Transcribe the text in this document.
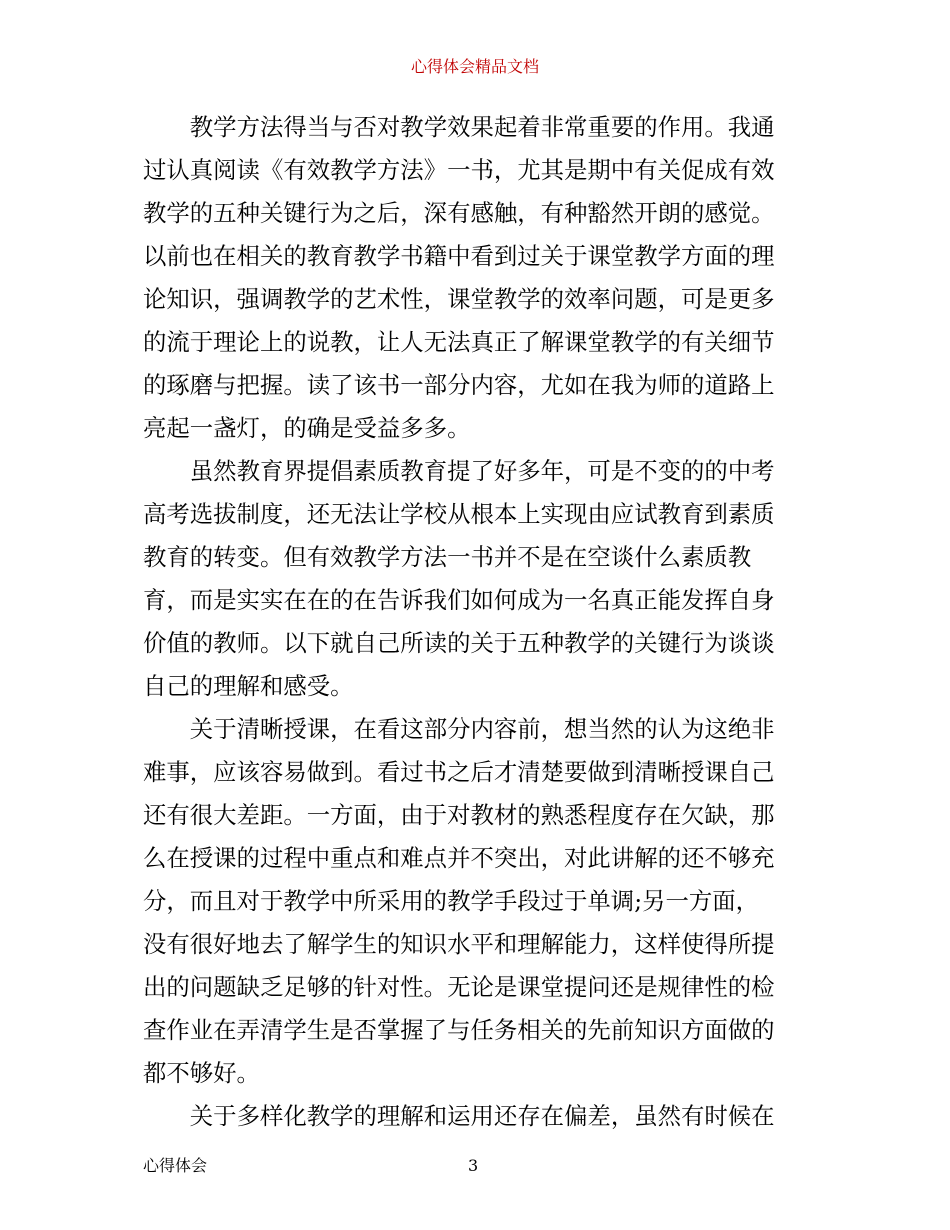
心得体会精品文档

教学方法得当与否对教学效果起着非常重要的作用。我通
过认真阅读《有效教学方法》一书，尤其是期中有关促成有效
教学的五种关键行为之后，深有感触，有种豁然开朗的感觉。
以前也在相关的教育教学书籍中看到过关于课堂教学方面的理
论知识，强调教学的艺术性，课堂教学的效率问题，可是更多
的流于理论上的说教，让人无法真正了解课堂教学的有关细节
的琢磨与把握。读了该书一部分内容，尤如在我为师的道路上
亮起一盏灯，的确是受益多多。

虽然教育界提倡素质教育提了好多年，可是不变的的中考
高考选拔制度，还无法让学校从根本上实现由应试教育到素质
教育的转变。但有效教学方法一书并不是在空谈什么素质教
育，而是实实在在的在告诉我们如何成为一名真正能发挥自身
价值的教师。以下就自己所读的关于五种教学的关键行为谈谈
自己的理解和感受。

关于清晰授课，在看这部分内容前，想当然的认为这绝非
难事，应该容易做到。看过书之后才清楚要做到清晰授课自己
还有很大差距。一方面，由于对教材的熟悉程度存在欠缺，那
么在授课的过程中重点和难点并不突出，对此讲解的还不够充
分，而且对于教学中所采用的教学手段过于单调;另一方面，
没有很好地去了解学生的知识水平和理解能力，这样使得所提
出的问题缺乏足够的针对性。无论是课堂提问还是规律性的检
查作业在弄清学生是否掌握了与任务相关的先前知识方面做的
都不够好。

关于多样化教学的理解和运用还存在偏差，虽然有时候在

心得体会	3
